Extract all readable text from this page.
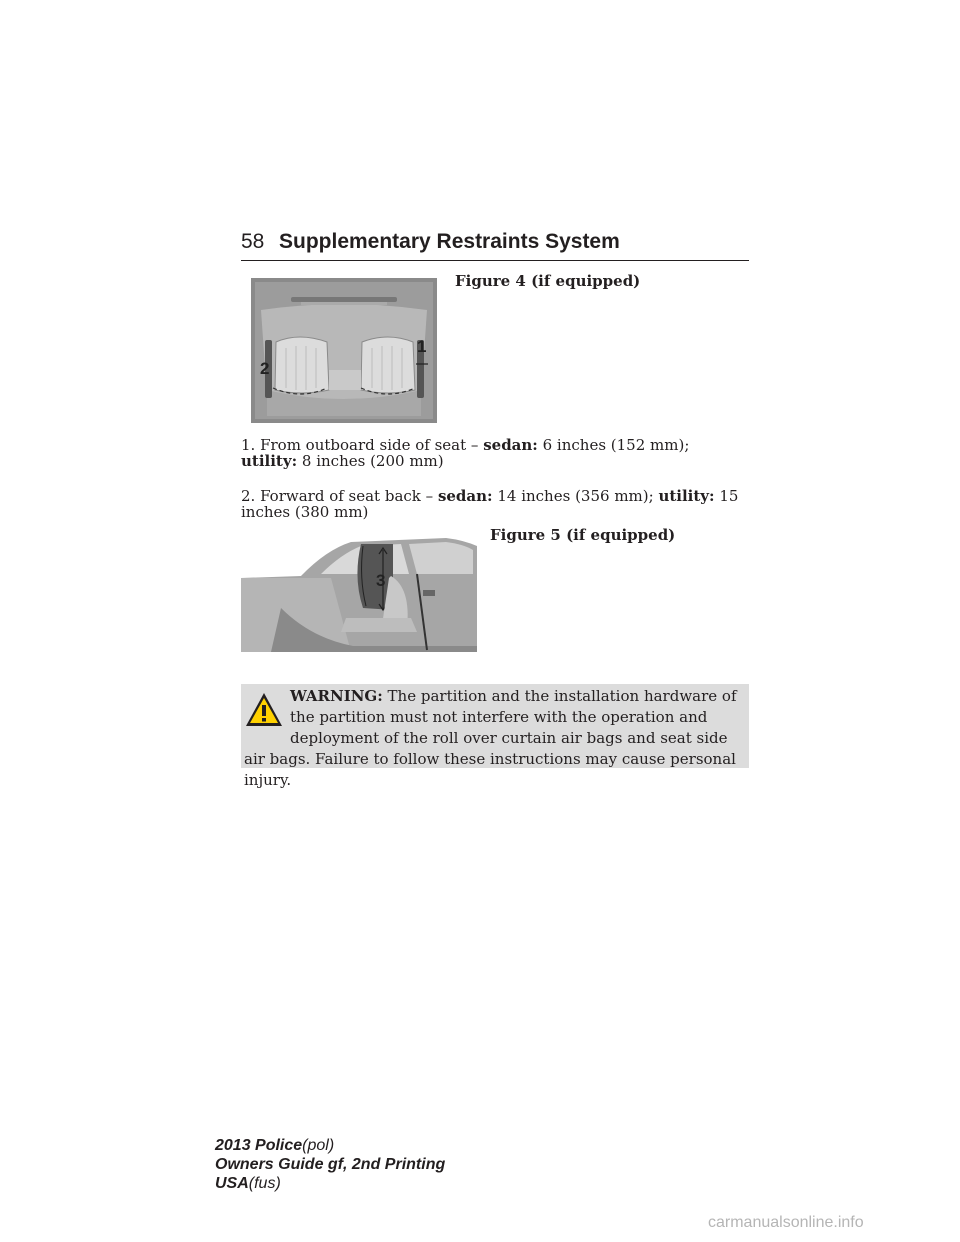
58 Supplementary Restraints System
1
2
Figure 4 (if equipped)
1. From outboard side of seat – sedan: 6 inches (152 mm); utility: 8 inches (200 mm)
2. Forward of seat back – sedan: 14 inches (356 mm); utility: 15 inches (380 mm)
3
Figure 5 (if equipped)
WARNING: The partition and the installation hardware of the partition must not interfere with the operation and deployment of the roll over curtain air bags and seat side air bags. Failure to follow these instructions may cause personal injury.
2013 Police(pol)
Owners Guide gf, 2nd Printing
USA(fus)
carmanualsonline.info
